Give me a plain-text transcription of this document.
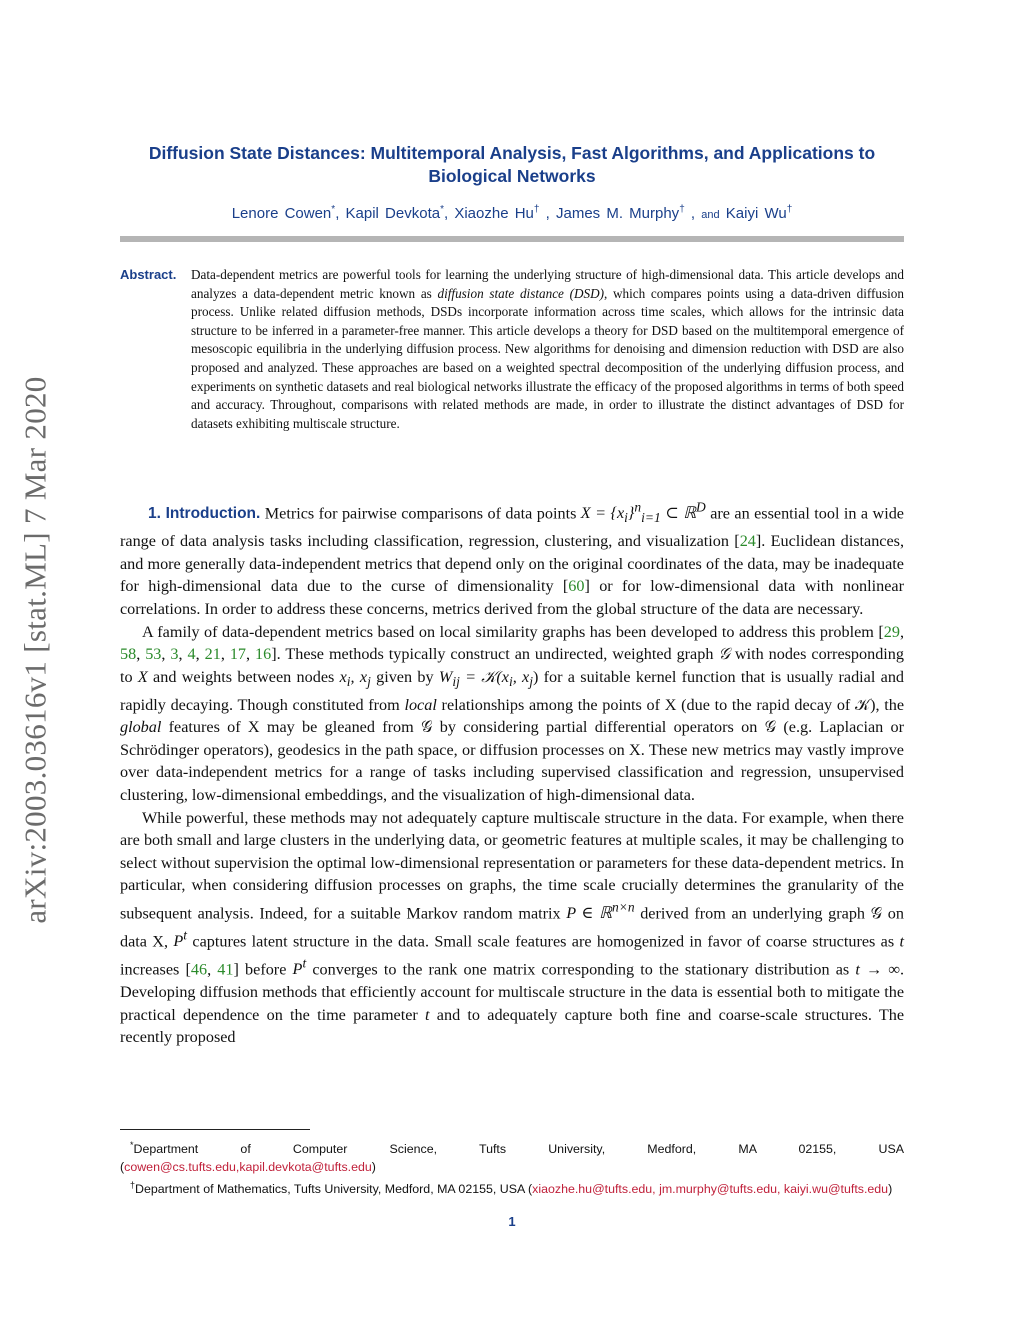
arXiv:2003.03616v1 [stat.ML] 7 Mar 2020
Diffusion State Distances: Multitemporal Analysis, Fast Algorithms, and Applications to Biological Networks
Lenore Cowen*, Kapil Devkota*, Xiaozhe Hu† , James M. Murphy† , and Kaiyi Wu†
Abstract. Data-dependent metrics are powerful tools for learning the underlying structure of high-dimensional data. This article develops and analyzes a data-dependent metric known as diffusion state distance (DSD), which compares points using a data-driven diffusion process. Unlike related diffusion methods, DSDs incorporate information across time scales, which allows for the intrinsic data structure to be inferred in a parameter-free manner. This article develops a theory for DSD based on the multitemporal emergence of mesoscopic equilibria in the underlying diffusion process. New algorithms for denoising and dimension reduction with DSD are also proposed and analyzed. These approaches are based on a weighted spectral decomposition of the underlying diffusion process, and experiments on synthetic datasets and real biological networks illustrate the efficacy of the proposed algorithms in terms of both speed and accuracy. Throughout, comparisons with related methods are made, in order to illustrate the distinct advantages of DSD for datasets exhibiting multiscale structure.

1. Introduction. Metrics for pairwise comparisons of data points $X = \{x_i\}^n_{i=1}$ ⊂ ℝ$^D$ are an essential tool in a wide range of data analysis tasks including classification, regression, clustering, and visualization [24]. Euclidean distances, and more generally data-independent metrics that depend only on the original coordinates of the data, may be inadequate for high-dimensional data due to the curse of dimensionality [60] or for low-dimensional data with nonlinear correlations. In order to address these concerns, metrics derived from the global structure of the data are necessary.

A family of data-dependent metrics based on local similarity graphs has been developed to address this problem [29, 58, 53, 3, 4, 21, 17, 16]. These methods typically construct an undirected, weighted graph 𝒢 with nodes corresponding to X and weights between nodes $x_i$, $x_j$ given by $W_{ij}$ = $𝒦(x_i$, $x_j$) for a suitable kernel function that is usually radial and rapidly decaying. Though constituted from local relationships among the points of X (due to the rapid decay of 𝒦), the global features of X may be gleaned from 𝒢 by considering partial differential operators on 𝒢 (e.g. Laplacian or Schrödinger operators), geodesics in the path space, or diffusion processes on X. These new metrics may vastly improve over data-independent metrics for a range of tasks including supervised classification and regression, unsupervised clustering, low-dimensional embeddings, and the visualization of high-dimensional data.

While powerful, these methods may not adequately capture multiscale structure in the data. For example, when there are both small and large clusters in the underlying data, or geometric features at multiple scales, it may be challenging to select without supervision the optimal low-dimensional representation or parameters for these data-dependent metrics. In particular, when considering diffusion processes on graphs, the time scale crucially determines the granularity of the subsequent analysis. Indeed, for a suitable Markov random matrix P ∈ ℝ$^{n\times n}$ derived from an underlying graph 𝒢 on data X, $P^t$ captures latent structure in the data. Small scale features are homogenized in favor of coarse structures as t increases [46, 41] before $P^t$ converges to the rank one matrix corresponding to the stationary distribution as t → ∞. Developing diffusion methods that efficiently account for multiscale structure in the data is essential both to mitigate the practical dependence on the time parameter t and to adequately capture both fine and coarse-scale structures. The recently proposed

*Department of Computer Science, Tufts University, Medford, MA 02155, USA

(cowen@cs.tufts.edu,kapil.devkota@tufts.edu)

†Department of Mathematics, Tufts University, Medford, MA 02155, USA (xiaozhe.hu@tufts.edu, jm.murphy@tufts.edu, kaiyi.wu@tufts.edu)

1
